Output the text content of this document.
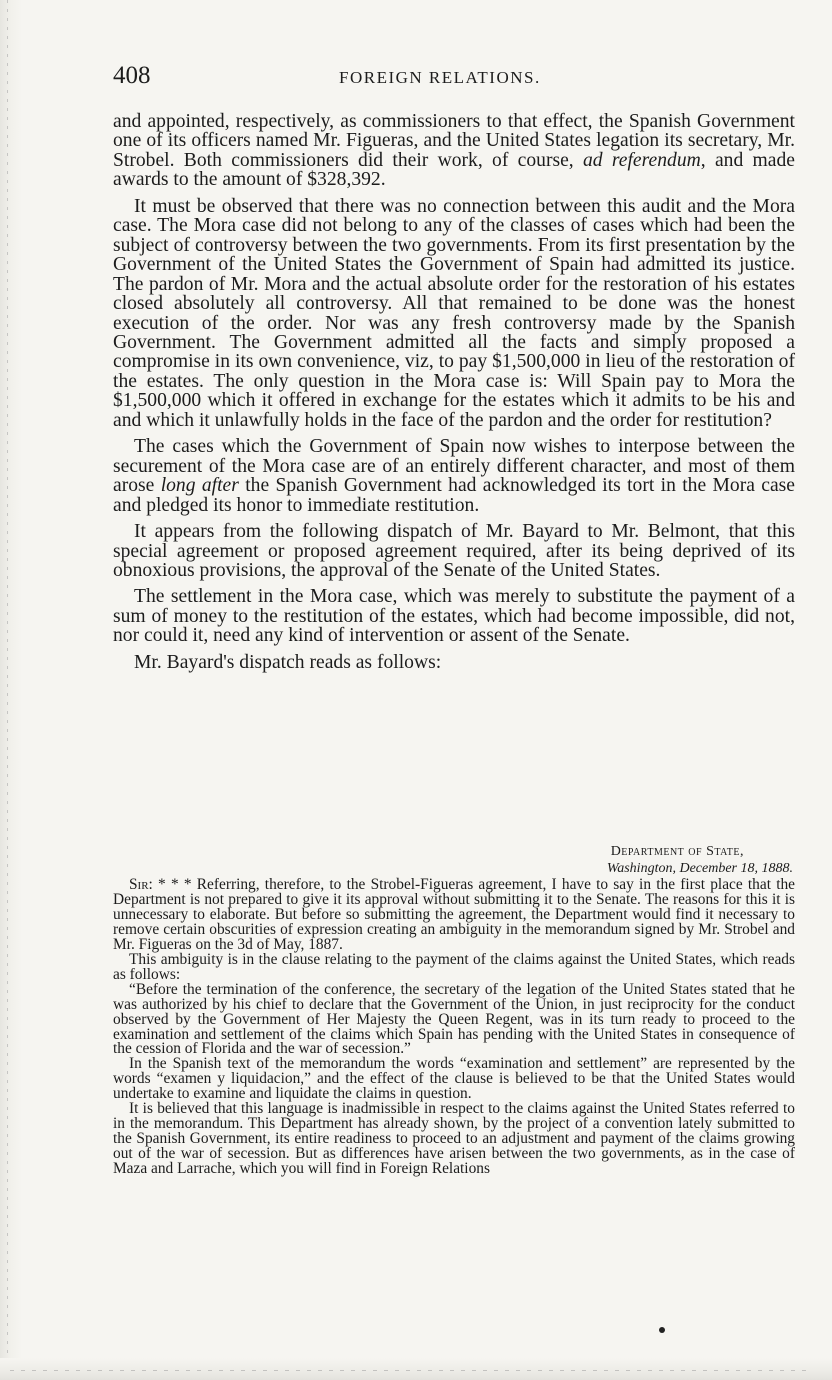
408	FOREIGN RELATIONS.

and appointed, respectively, as commissioners to that effect, the Spanish Government one of its officers named Mr. Figueras, and the United States legation its secretary, Mr. Strobel. Both commissioners did their work, of course, ad referendum, and made awards to the amount of $328,392.

It must be observed that there was no connection between this audit and the Mora case. The Mora case did not belong to any of the classes of cases which had been the subject of controversy between the two governments. From its first presentation by the Government of the United States the Government of Spain had admitted its justice. The pardon of Mr. Mora and the actual absolute order for the restoration of his estates closed absolutely all controversy. All that remained to be done was the honest execution of the order. Nor was any fresh controversy made by the Spanish Government. The Government admitted all the facts and simply proposed a compromise in its own convenience, viz, to pay $1,500,000 in lieu of the restoration of the estates. The only question in the Mora case is: Will Spain pay to Mora the $1,500,000 which it offered in exchange for the estates which it admits to be his and and which it unlawfully holds in the face of the pardon and the order for restitution?

The cases which the Government of Spain now wishes to interpose between the securement of the Mora case are of an entirely different character, and most of them arose long after the Spanish Government had acknowledged its tort in the Mora case and pledged its honor to immediate restitution.

It appears from the following dispatch of Mr. Bayard to Mr. Belmont, that this special agreement or proposed agreement required, after its being deprived of its obnoxious provisions, the approval of the Senate of the United States.

The settlement in the Mora case, which was merely to substitute the payment of a sum of money to the restitution of the estates, which had become impossible, did not, nor could it, need any kind of intervention or assent of the Senate.

Mr. Bayard's dispatch reads as follows:

Department of State,
Washington, December 18, 1888.

Sir: * * * Referring, therefore, to the Strobel-Figueras agreement, I have to say in the first place that the Department is not prepared to give it its approval without submitting it to the Senate. The reasons for this it is unnecessary to elaborate. But before so submitting the agreement, the Department would find it necessary to remove certain obscurities of expression creating an ambiguity in the memorandum signed by Mr. Strobel and Mr. Figueras on the 3d of May, 1887.

This ambiguity is in the clause relating to the payment of the claims against the United States, which reads as follows:

“Before the termination of the conference, the secretary of the legation of the United States stated that he was authorized by his chief to declare that the Government of the Union, in just reciprocity for the conduct observed by the Government of Her Majesty the Queen Regent, was in its turn ready to proceed to the examination and settlement of the claims which Spain has pending with the United States in consequence of the cession of Florida and the war of secession.”

In the Spanish text of the memorandum the words “examination and settlement” are represented by the words “examen y liquidacion,” and the effect of the clause is believed to be that the United States would undertake to examine and liquidate the claims in question.

It is believed that this language is inadmissible in respect to the claims against the United States referred to in the memorandum. This Department has already shown, by the project of a convention lately submitted to the Spanish Government, its entire readiness to proceed to an adjustment and payment of the claims growing out of the war of secession. But as differences have arisen between the two governments, as in the case of Maza and Larrache, which you will find in Foreign Relations
